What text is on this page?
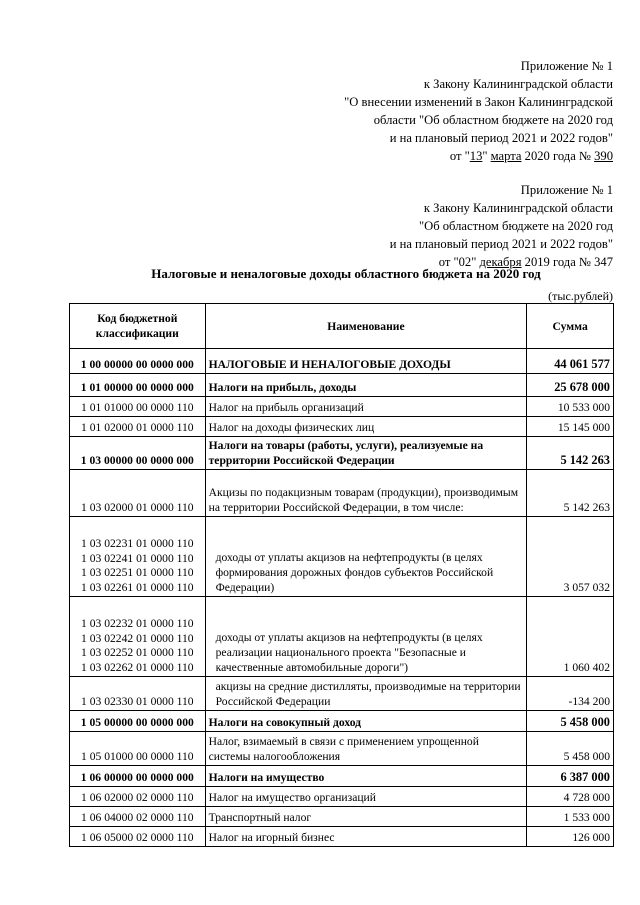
Приложение № 1
к Закону Калининградской области
"О внесении изменений в Закон Калининградской
области "Об областном бюджете на 2020 год
и на плановый период 2021 и 2022 годов"
от "13" марта 2020 года № 390
Приложение № 1
к Закону Калининградской области
"Об областном бюджете на 2020 год
и на плановый период 2021 и 2022 годов"
от "02" декабря 2019 года № 347
Налоговые и неналоговые доходы областного бюджета на 2020 год
(тыс.рублей)
Код бюджетной классификации	Наименование	Сумма
1 00 00000 00 0000 000	НАЛОГОВЫЕ И НЕНАЛОГОВЫЕ ДОХОДЫ	44 061 577
1 01 00000 00 0000 000	Налоги на прибыль, доходы	25 678 000
1 01 01000 00 0000 110	Налог на прибыль организаций	10 533 000
1 01 02000 01 0000 110	Налог на доходы физических лиц	15 145 000
1 03 00000 00 0000 000	Налоги на товары (работы, услуги), реализуемые на территории Российской Федерации	5 142 263
1 03 02000 01 0000 110	Акцизы по подакцизным товарам (продукции), производимым на территории Российской Федерации, в том числе:	5 142 263

1 03 02231 01 0000 110
1 03 02241 01 0000 110
1 03 02251 01 0000 110
1 03 02261 01 0000 110	доходы от уплаты акцизов на нефтепродукты (в целях формирования дорожных фондов субъектов Российской Федерации)	3 057 032

1 03 02232 01 0000 110
1 03 02242 01 0000 110
1 03 02252 01 0000 110
1 03 02262 01 0000 110	доходы от уплаты акцизов на нефтепродукты (в целях реализации национального проекта "Безопасные и качественные автомобильные дороги")	1 060 402
1 03 02330 01 0000 110	акцизы на средние дистилляты, производимые на территории Российской Федерации	-134 200
1 05 00000 00 0000 000	Налоги на совокупный доход	5 458 000
1 05 01000 00 0000 110	Налог, взимаемый в связи с применением упрощенной системы налогообложения	5 458 000
1 06 00000 00 0000 000	Налоги на имущество	6 387 000
1 06 02000 02 0000 110	Налог на имущество организаций	4 728 000
1 06 04000 02 0000 110	Транспортный налог	1 533 000
1 06 05000 02 0000 110	Налог на игорный бизнес	126 000
